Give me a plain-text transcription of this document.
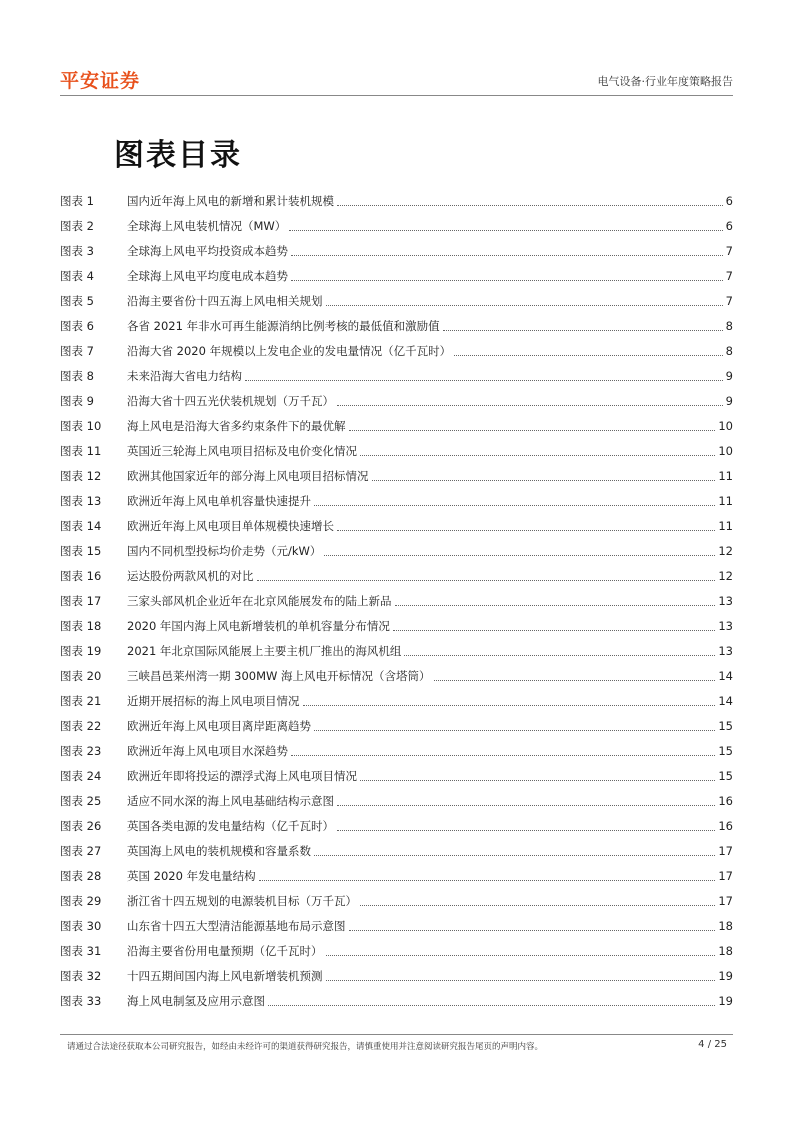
平安证券	电气设备·行业年度策略报告
图表目录
图表 1	国内近年海上风电的新增和累计装机规模	6
图表 2	全球海上风电装机情况（MW）	6
图表 3	全球海上风电平均投资成本趋势	7
图表 4	全球海上风电平均度电成本趋势	7
图表 5	沿海主要省份十四五海上风电相关规划	7
图表 6	各省 2021 年非水可再生能源消纳比例考核的最低值和激励值	8
图表 7	沿海大省 2020 年规模以上发电企业的发电量情况（亿千瓦时）	8
图表 8	未来沿海大省电力结构	9
图表 9	沿海大省十四五光伏装机规划（万千瓦）	9
图表 10	海上风电是沿海大省多约束条件下的最优解	10
图表 11	英国近三轮海上风电项目招标及电价变化情况	10
图表 12	欧洲其他国家近年的部分海上风电项目招标情况	11
图表 13	欧洲近年海上风电单机容量快速提升	11
图表 14	欧洲近年海上风电项目单体规模快速增长	11
图表 15	国内不同机型投标均价走势（元/kW）	12
图表 16	运达股份两款风机的对比	12
图表 17	三家头部风机企业近年在北京风能展发布的陆上新品	13
图表 18	2020 年国内海上风电新增装机的单机容量分布情况	13
图表 19	2021 年北京国际风能展上主要主机厂推出的海风机组	13
图表 20	三峡昌邑莱州湾一期 300MW 海上风电开标情况（含塔筒）	14
图表 21	近期开展招标的海上风电项目情况	14
图表 22	欧洲近年海上风电项目离岸距离趋势	15
图表 23	欧洲近年海上风电项目水深趋势	15
图表 24	欧洲近年即将投运的漂浮式海上风电项目情况	15
图表 25	适应不同水深的海上风电基础结构示意图	16
图表 26	英国各类电源的发电量结构（亿千瓦时）	16
图表 27	英国海上风电的装机规模和容量系数	17
图表 28	英国 2020 年发电量结构	17
图表 29	浙江省十四五规划的电源装机目标（万千瓦）	17
图表 30	山东省十四五大型清洁能源基地布局示意图	18
图表 31	沿海主要省份用电量预期（亿千瓦时）	18
图表 32	十四五期间国内海上风电新增装机预测	19
图表 33	海上风电制氢及应用示意图	19
请通过合法途径获取本公司研究报告，如经由未经许可的渠道获得研究报告，请慎重使用并注意阅读研究报告尾页的声明内容。	4 / 25
